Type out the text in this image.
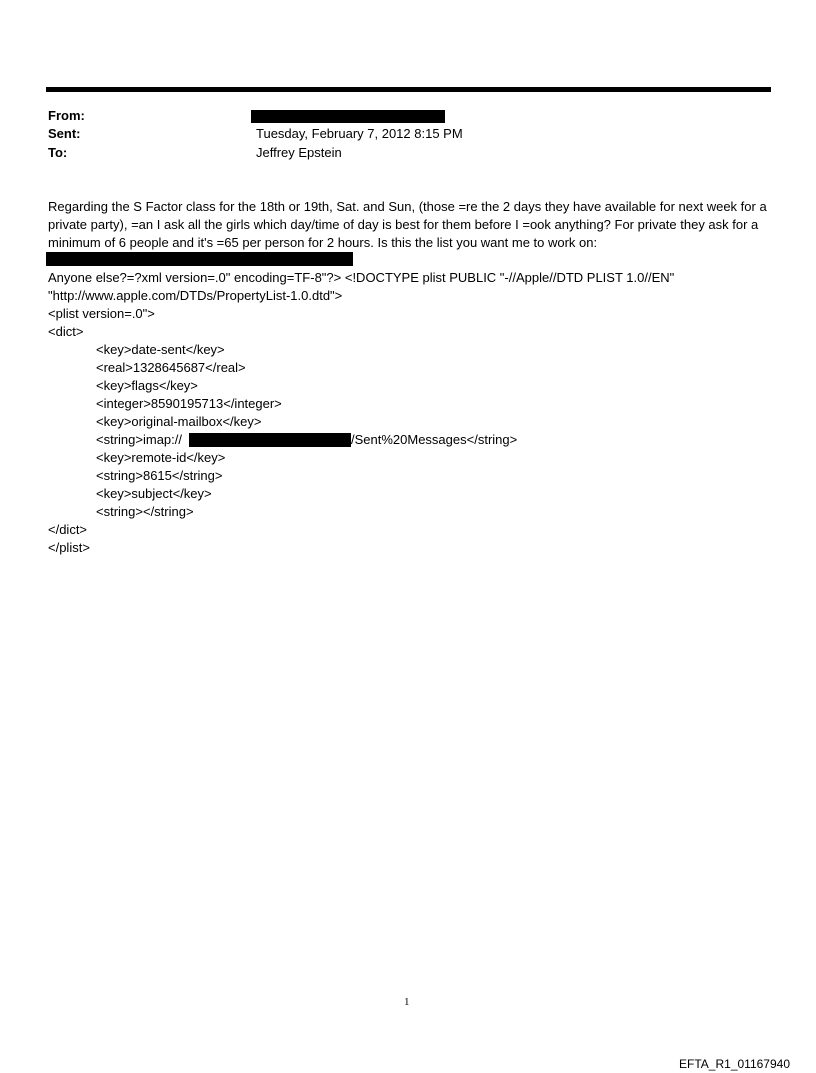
From:
Sent:	Tuesday, February 7, 2012 8:15 PM
To:	Jeffrey Epstein
Regarding the S Factor class for the 18th or 19th, Sat. and Sun, (those =re the 2 days they have available for next week for a private party), =an I ask all the girls which day/time of day is best for them before I =ook anything? For private they ask for a minimum of 6 people and it's =65 per person for 2 hours. Is this the list you want me to work on:
Anyone else?=?xml version=.0" encoding=TF-8"?> <!DOCTYPE plist PUBLIC "-//Apple//DTD PLIST 1.0//EN"
"http://www.apple.com/DTDs/PropertyList-1.0.dtd">
<plist version=.0">
<dict>
<key>date-sent</key>
<real>1328645687</real>
<key>flags</key>
<integer>8590195713</integer>
<key>original-mailbox</key>
<string>imap://	/Sent%20Messages</string>
<key>remote-id</key>
<string>8615</string>
<key>subject</key>
<string></string>
</dict>
</plist>
1
EFTA_R1_01167940
